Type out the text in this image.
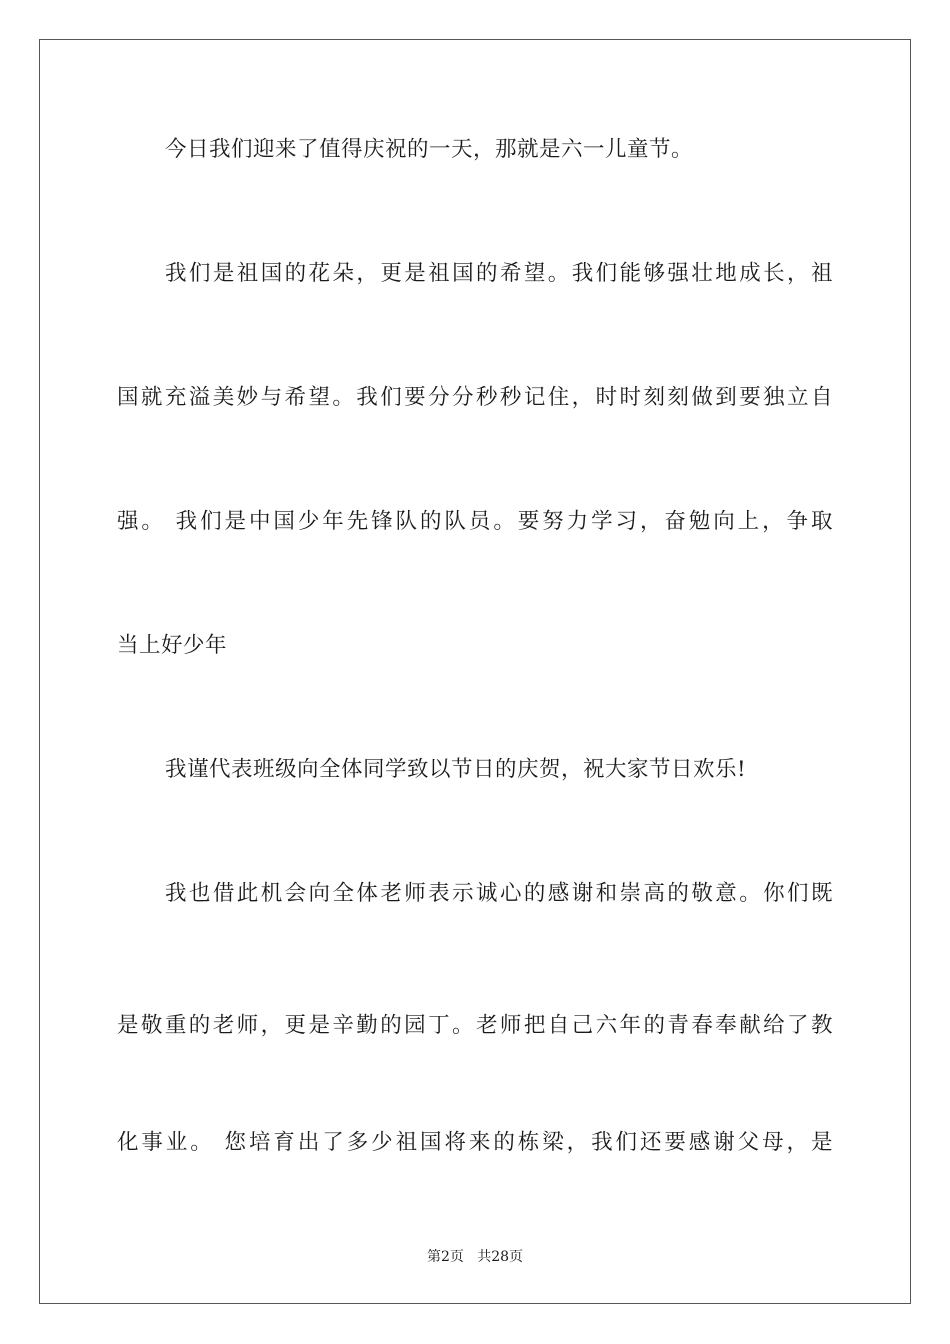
今日我们迎来了值得庆祝的一天，那就是六一儿童节。
我们是祖国的花朵，更是祖国的希望。我们能够强壮地成长，祖
国就充溢美妙与希望。我们要分分秒秒记住，时时刻刻做到要独立自
强。 我们是中国少年先锋队的队员。要努力学习，奋勉向上，争取
当上好少年
我谨代表班级向全体同学致以节日的庆贺，祝大家节日欢乐!
我也借此机会向全体老师表示诚心的感谢和崇高的敬意。你们既
是敬重的老师，更是辛勤的园丁。老师把自己六年的青春奉献给了教
化事业。 您培育出了多少祖国将来的栋梁，我们还要感谢父母，是
第2页   共28页
